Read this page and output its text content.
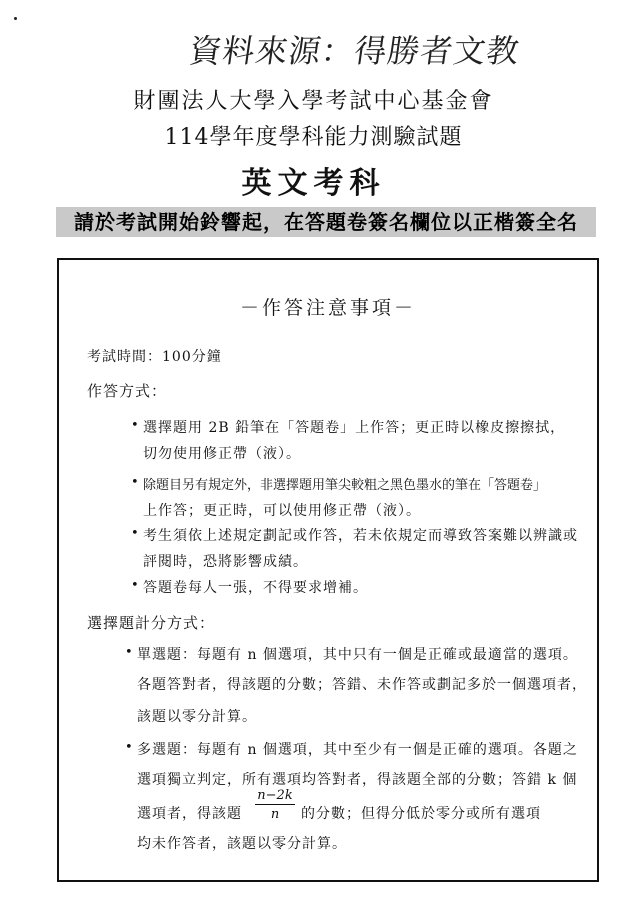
資料來源：得勝者文教
財團法人大學入學考試中心基金會
114學年度學科能力測驗試題
英文考科
請於考試開始鈴響起，在答題卷簽名欄位以正楷簽全名
－作答注意事項－
考試時間：100分鐘
作答方式：
• 選擇題用 2B 鉛筆在「答題卷」上作答；更正時以橡皮擦擦拭，
切勿使用修正帶（液）。
• 除題目另有規定外，非選擇題用筆尖較粗之黑色墨水的筆在「答題卷」
上作答；更正時，可以使用修正帶（液）。
• 考生須依上述規定劃記或作答，若未依規定而導致答案難以辨識或
評閱時，恐將影響成績。
• 答題卷每人一張，不得要求增補。
選擇題計分方式：
• 單選題：每題有 n 個選項，其中只有一個是正確或最適當的選項。
各題答對者，得該題的分數；答錯、未作答或劃記多於一個選項者，
該題以零分計算。
• 多選題：每題有 n 個選項，其中至少有一個是正確的選項。各題之
選項獨立判定，所有選項均答對者，得該題全部的分數；答錯 k 個
選項者，得該題 $\frac{n-2k}{n}$ 的分數；但得分低於零分或所有選項
均未作答者，該題以零分計算。
